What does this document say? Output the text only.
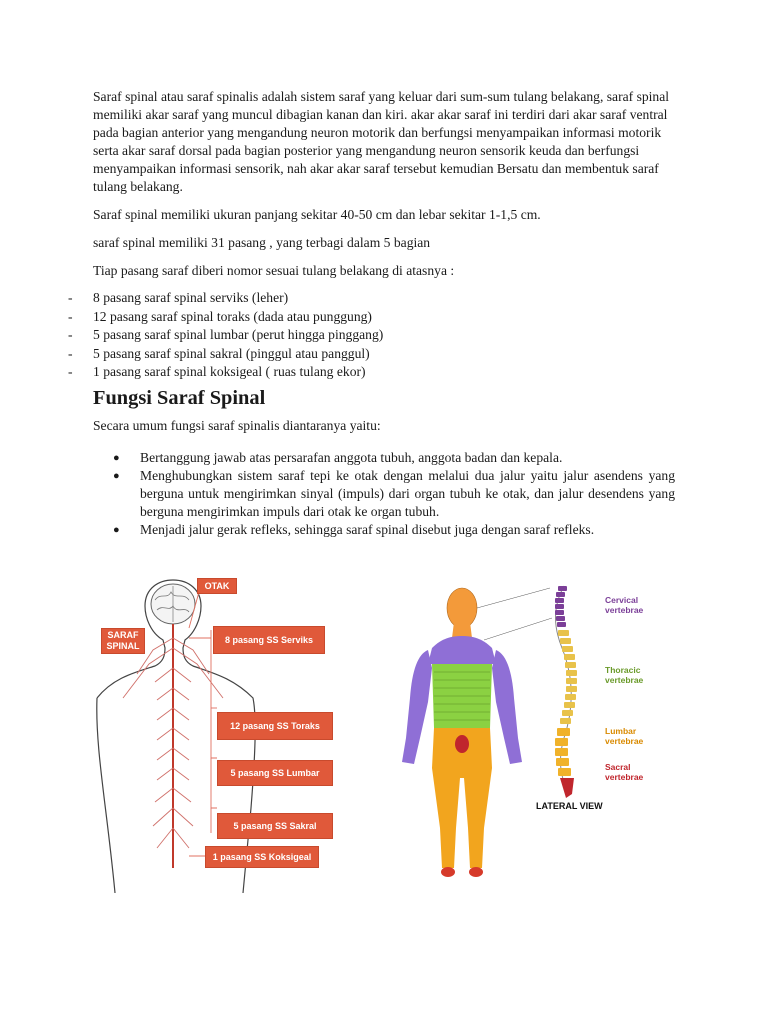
Saraf spinal atau saraf spinalis adalah sistem saraf yang keluar dari sum-sum tulang belakang, saraf spinal memiliki akar saraf yang muncul dibagian kanan dan kiri. akar akar saraf ini terdiri dari akar saraf ventral pada bagian anterior yang mengandung neuron motorik dan berfungsi menyampaikan informasi motorik serta akar saraf dorsal pada bagian posterior yang mengandung neuron sensorik keuda dan berfungsi menyampaikan informasi sensorik, nah akar akar saraf tersebut kemudian Bersatu dan membentuk saraf tulang belakang.

Saraf spinal memiliki ukuran panjang sekitar 40-50 cm dan lebar sekitar 1-1,5 cm.

saraf spinal memiliki 31 pasang , yang terbagi dalam 5 bagian

Tiap pasang saraf diberi nomor sesuai tulang belakang di atasnya :

-	8 pasang saraf spinal serviks (leher)
-	12 pasang saraf spinal toraks (dada atau punggung)
-	5 pasang saraf spinal lumbar (perut hingga pinggang)
-	5 pasang saraf spinal sakral (pinggul atau panggul)
-	1 pasang saraf spinal koksigeal ( ruas tulang ekor)
Fungsi Saraf Spinal

Secara umum fungsi saraf spinalis diantaranya yaitu:

● Bertanggung jawab atas persarafan anggota tubuh, anggota badan dan kepala.
● Menghubungkan sistem saraf tepi ke otak dengan melalui dua jalur yaitu jalur asendens yang berguna untuk mengirimkan sinyal (impuls) dari organ tubuh ke otak, dan jalur desendens yang berguna mengirimkan impuls dari otak ke organ tubuh.
● Menjadi jalur gerak refleks, sehingga saraf spinal disebut juga dengan saraf refleks.
OTAK
SARAF SPINAL
8 pasang SS Serviks
12 pasang SS Toraks
5 pasang SS Lumbar
5 pasang SS Sakral
1 pasang SS Koksigeal
Cervical vertebrae
Thoracic vertebrae
Lumbar vertebrae
Sacral vertebrae
LATERAL VIEW
